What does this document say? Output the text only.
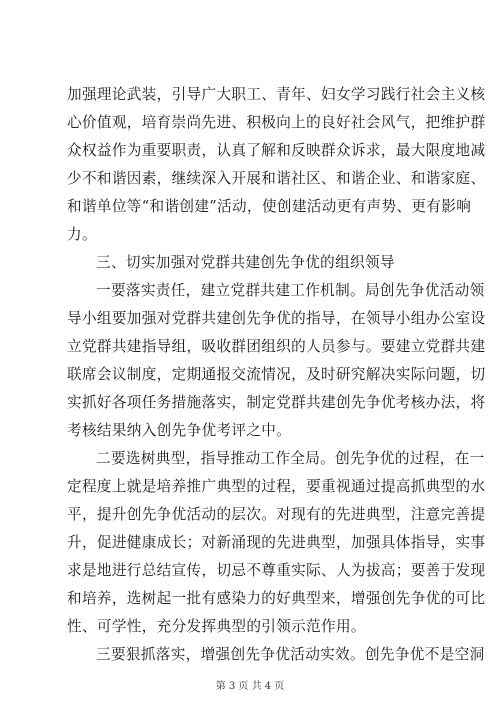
加强理论武装，引导广大职工、青年、妇女学习践行社会主义核
心价值观，培育崇尚先进、积极向上的良好社会风气，把维护群
众权益作为重要职责，认真了解和反映群众诉求，最大限度地减
少不和谐因素，继续深入开展和谐社区、和谐企业、和谐家庭、
和谐单位等“和谐创建”活动，使创建活动更有声势、更有影响
力。
三、切实加强对党群共建创先争优的组织领导
一要落实责任，建立党群共建工作机制。局创先争优活动领
导小组要加强对党群共建创先争优的指导，在领导小组办公室设
立党群共建指导组，吸收群团组织的人员参与。要建立党群共建
联席会议制度，定期通报交流情况，及时研究解决实际问题，切
实抓好各项任务措施落实，制定党群共建创先争优考核办法，将
考核结果纳入创先争优考评之中。
二要选树典型，指导推动工作全局。创先争优的过程，在一
定程度上就是培养推广典型的过程，要重视通过提高抓典型的水
平，提升创先争优活动的层次。对现有的先进典型，注意完善提
升，促进健康成长；对新涌现的先进典型，加强具体指导，实事
求是地进行总结宣传，切忌不尊重实际、人为拔高；要善于发现
和培养，选树起一批有感染力的好典型来，增强创先争优的可比
性、可学性，充分发挥典型的引领示范作用。
三要狠抓落实，增强创先争优活动实效。创先争优不是空洞
第 3 页 共 4 页
